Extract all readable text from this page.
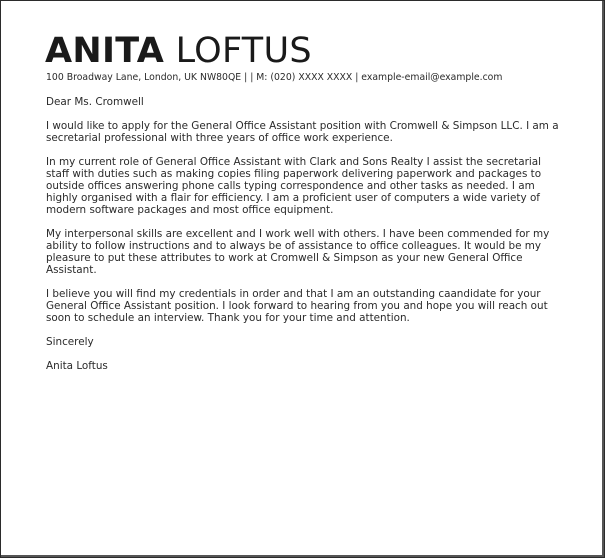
ANITA LOFTUS
100 Broadway Lane, London, UK NW80QE | | M: (020) XXXX XXXX | example-email@example.com

Dear Ms. Cromwell

I would like to apply for the General Office Assistant position with Cromwell & Simpson LLC. I am a secretarial professional with three years of office work experience.

In my current role of General Office Assistant with Clark and Sons Realty I assist the secretarial staff with duties such as making copies filing paperwork delivering paperwork and packages to outside offices answering phone calls typing correspondence and other tasks as needed. I am highly organised with a flair for efficiency. I am a proficient user of computers a wide variety of modern software packages and most office equipment.

My interpersonal skills are excellent and I work well with others. I have been commended for my ability to follow instructions and to always be of assistance to office colleagues. It would be my pleasure to put these attributes to work at Cromwell & Simpson as your new General Office Assistant.

I believe you will find my credentials in order and that I am an outstanding caandidate for your General Office Assistant position. I look forward to hearing from you and hope you will reach out soon to schedule an interview. Thank you for your time and attention.

Sincerely

Anita Loftus
